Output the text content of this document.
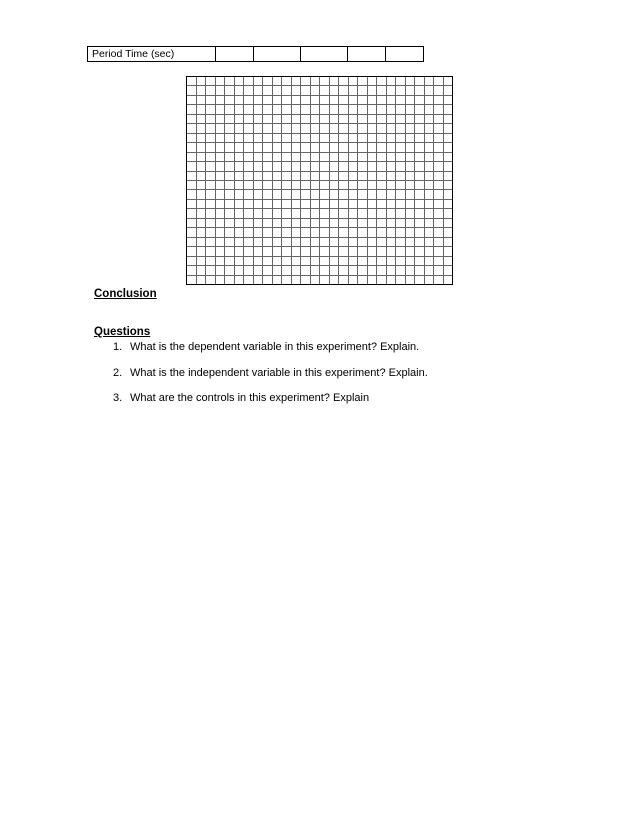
Period Time (sec)					

Conclusion

Questions

1. What is the dependent variable in this experiment? Explain.
2. What is the independent variable in this experiment? Explain.
3. What are the controls in this experiment? Explain
